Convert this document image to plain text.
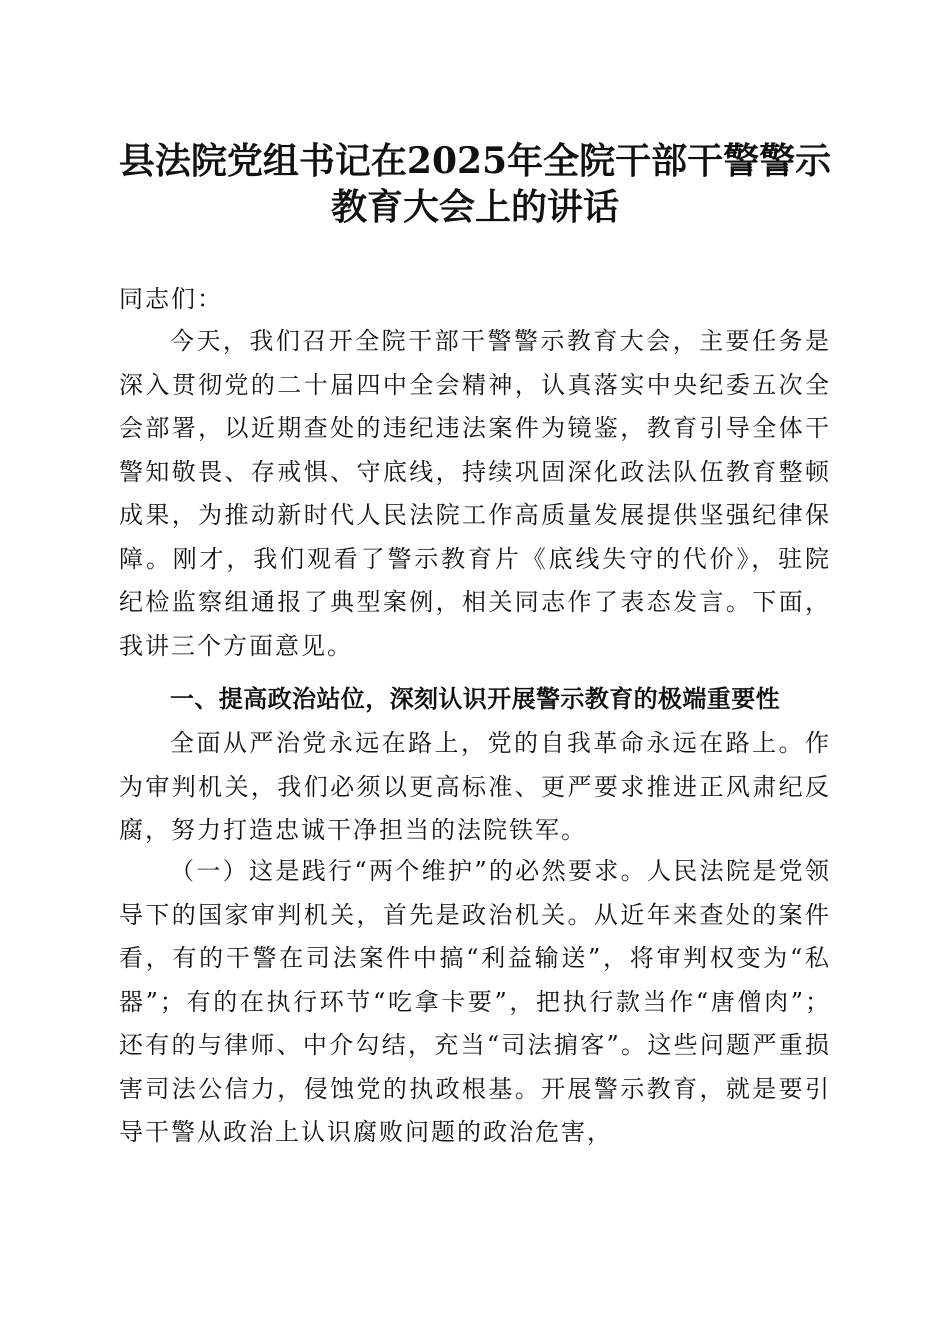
县法院党组书记在2025年全院干部干警警示
教育大会上的讲话

同志们：

今天，我们召开全院干部干警警示教育大会，主要任务是深入贯彻党的二十届四中全会精神，认真落实中央纪委五次全会部署，以近期查处的违纪违法案件为镜鉴，教育引导全体干警知敬畏、存戒惧、守底线，持续巩固深化政法队伍教育整顿成果，为推动新时代人民法院工作高质量发展提供坚强纪律保障。刚才，我们观看了警示教育片《底线失守的代价》，驻院纪检监察组通报了典型案例，相关同志作了表态发言。下面，我讲三个方面意见。

一、提高政治站位，深刻认识开展警示教育的极端重要性

全面从严治党永远在路上，党的自我革命永远在路上。作为审判机关，我们必须以更高标准、更严要求推进正风肃纪反腐，努力打造忠诚干净担当的法院铁军。

（一）这是践行“两个维护”的必然要求。人民法院是党领导下的国家审判机关，首先是政治机关。从近年来查处的案件看，有的干警在司法案件中搞“利益输送”，将审判权变为“私器”；有的在执行环节“吃拿卡要”，把执行款当作“唐僧肉”；还有的与律师、中介勾结，充当“司法掮客”。这些问题严重损害司法公信力，侵蚀党的执政根基。开展警示教育，就是要引导干警从政治上认识腐败问题的政治危害，
